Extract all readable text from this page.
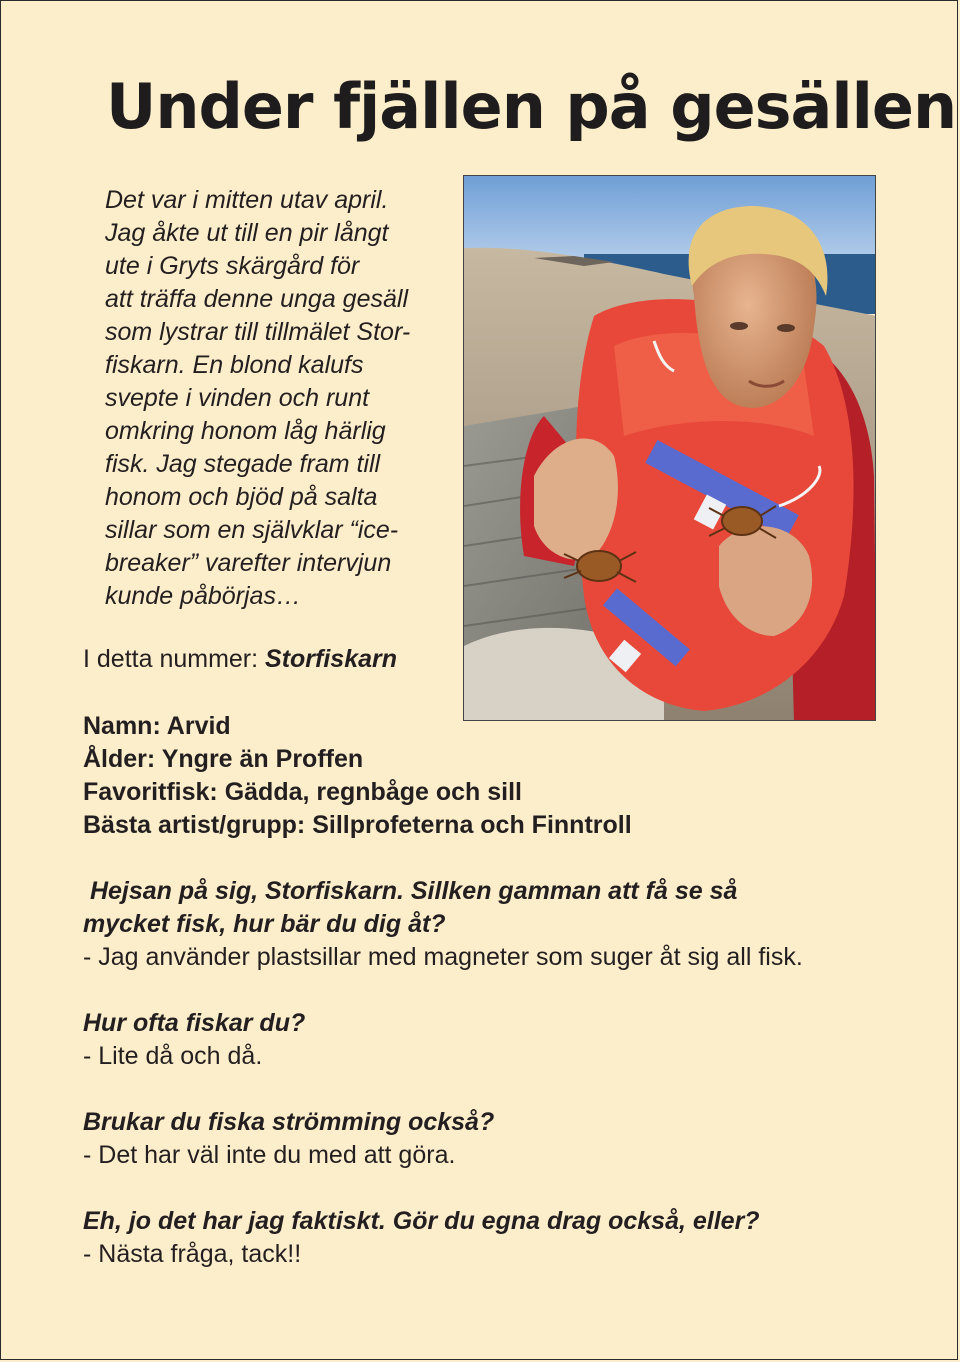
Under fjällen på gesällen

Det var i mitten utav april.
Jag åkte ut till en pir långt
ute i Gryts skärgård för
att träffa denne unga gesäll
som lystrar till tillmälet Stor-
fiskarn. En blond kalufs
svepte i vinden och runt
omkring honom låg härlig
fisk. Jag stegade fram till
honom och bjöd på salta
sillar som en självklar “ice-
breaker” varefter intervjun
kunde påbörjas…

I detta nummer: Storfiskarn
Namn: Arvid
Ålder: Yngre än Proffen
Favoritfisk: Gädda, regnbåge och sill
Bästa artist/grupp: Sillprofeterna och Finntroll
Hejsan på sig, Storfiskarn. Sillken gamman att få se så
mycket fisk, hur bär du dig åt?
- Jag använder plastsillar med magneter som suger åt sig all fisk.
Hur ofta fiskar du?
- Lite då och då.
Brukar du fiska strömming också?
- Det har väl inte du med att göra.
Eh, jo det har jag faktiskt. Gör du egna drag också, eller?
- Nästa fråga, tack!!
